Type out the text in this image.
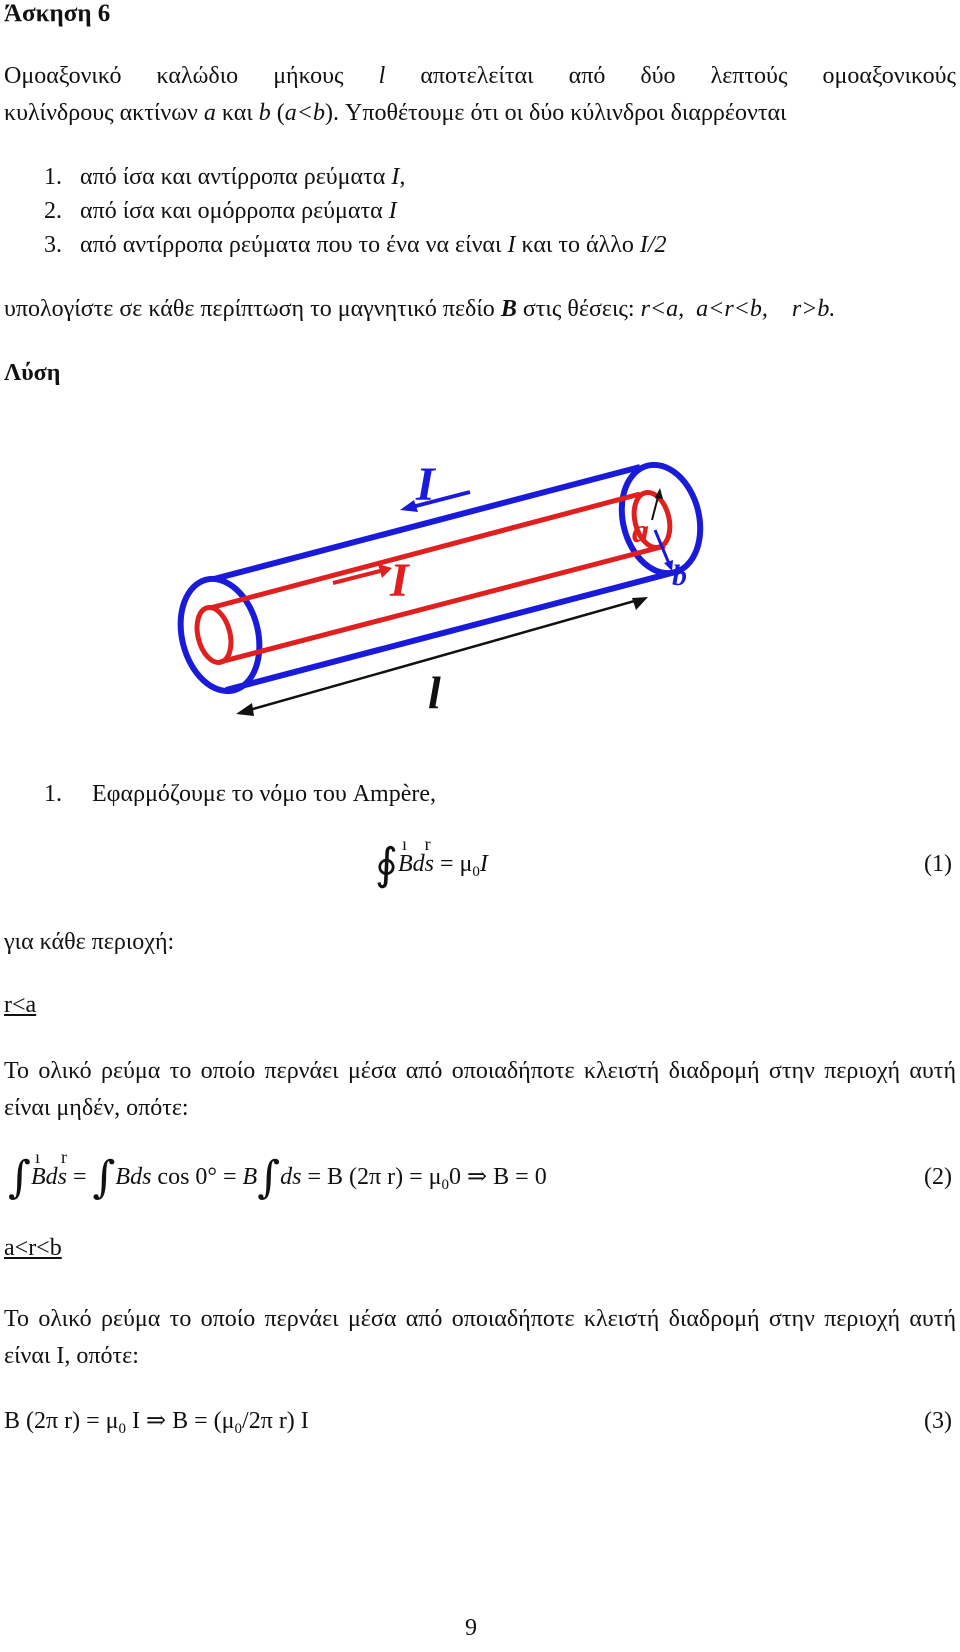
Άσκηση 6
Ομοαξονικό καλώδιο μήκους l αποτελείται από δύο λεπτούς ομοαξονικούς
κυλίνδρους ακτίνων a και b (a<b). Υποθέτουμε ότι οι δύο κύλινδροι διαρρέονται
1. από ίσα και αντίρροπα ρεύματα I,
2. από ίσα και ομόρροπα ρεύματα I
3. από αντίρροπα ρεύματα που το ένα να είναι I και το άλλο I/2
υπολογίστε σε κάθε περίπτωση το μαγνητικό πεδίο B στις θέσεις: r<a, a<r<b, r>b.
Λύση
I
I
a
b
l
1. Εφαρμόζουμε το νόμο του Ampère,
∮ ı
B
r
ds = $\mu_0I$	(1)
για κάθε περιοχή:
r<a
Το ολικό ρεύμα το οποίο περνάει μέσα από οποιαδήποτε κλειστή διαδρομή στην περιοχή αυτή είναι μηδέν, οπότε:
∫ ı r
Bds = ∫Bds cos 0° = B∫ds = B (2π $r) = \mu_00$ ⇒ B = 0	(2)
a<r<b
Το ολικό ρεύμα το οποίο περνάει μέσα από οποιαδήποτε κλειστή διαδρομή στην περιοχή αυτή είναι I, οπότε:
B (2π $r) = \mu_0$ I ⇒ $B = (\mu_0/2\pi$ r) I	(3)
9
